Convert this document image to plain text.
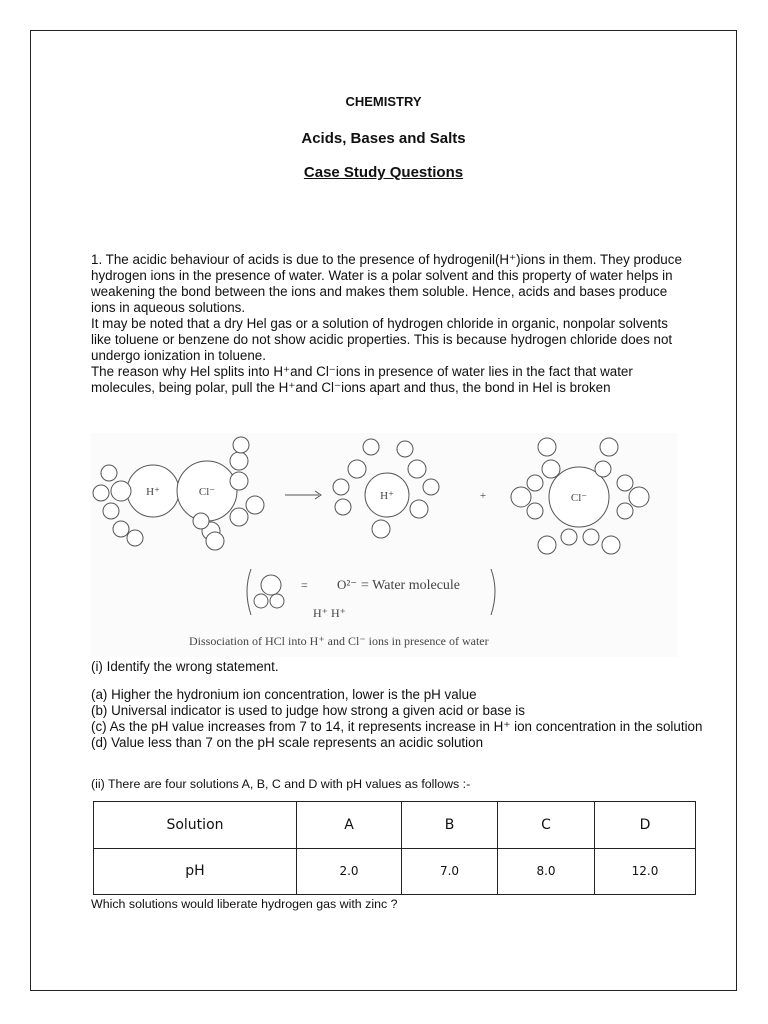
CHEMISTRY
Acids, Bases and Salts
Case Study Questions

1. The acidic behaviour of acids is due to the presence of hydrogenil(H⁺)ions in them. They produce hydrogen ions in the presence of water. Water is a polar solvent and this property of water helps in weakening the bond between the ions and makes them soluble. Hence, acids and bases produce ions in aqueous solutions.

It may be noted that a dry Hel gas or a solution of hydrogen chloride in organic, nonpolar solvents like toluene or benzene do not show acidic properties. This is because hydrogen chloride does not undergo ionization in toluene.

The reason why Hel splits into H⁺and Cl⁻ions in presence of water lies in the fact that water molecules, being polar, pull the H⁺and Cl⁻ions apart and thus, the bond in Hel is broken

H⁺	Cl⁻	H⁺	Cl⁻
+
= O²⁻ = Water molecule
H⁺ H⁺
Dissociation of HCl into H⁺ and Cl⁻ ions in presence of water
(i) Identify the wrong statement.

(a) Higher the hydronium ion concentration, lower is the pH value

(b) Universal indicator is used to judge how strong a given acid or base is

(c) As the pH value increases from 7 to 14, it represents increase in H⁺ ion concentration in the solution

(d) Value less than 7 on the pH scale represents an acidic solution

(ii) There are four solutions A, B, C and D with pH values as follows :-
Solution	A	B	C	D
pH	2.0	7.0	8.0	12.0
Which solutions would liberate hydrogen gas with zinc ?
